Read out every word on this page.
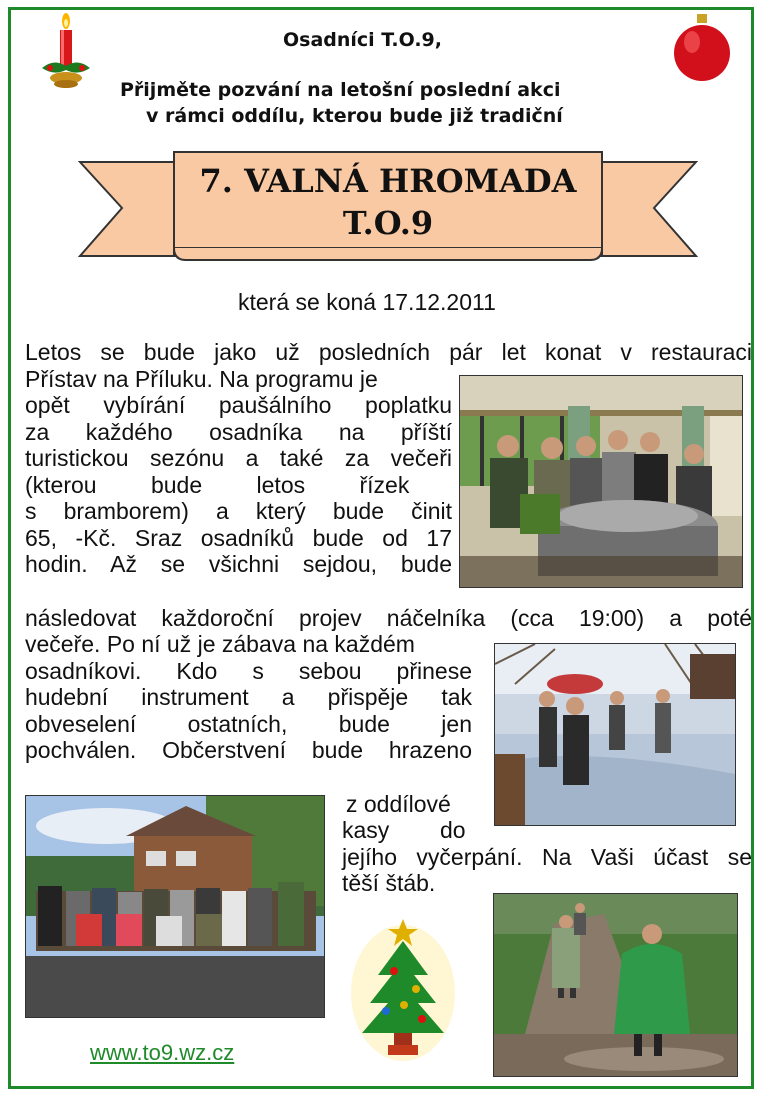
Osadníci T.O.9,
Přijměte pozvání na letošní poslední akci
v rámci oddílu, kterou bude již tradiční
7. VALNÁ HROMADA
T.O.9
která se koná 17.12.2011
Letos se bude jako už posledních pár let konat v restauraci
Přístav na Příluku. Na programu je
opět vybírání paušálního poplatku
za každého osadníka na příští
turistickou sezónu a také za večeři
(kterou bude letos řízek
s bramborem) a který bude činit
65, -Kč. Sraz osadníků bude od 17
hodin. Až se všichni sejdou, bude
následovat každoroční projev náčelníka (cca 19:00) a poté
večeře. Po ní už je zábava na každém
osadníkovi. Kdo s sebou přinese
hudební instrument a přispěje tak
obveselení ostatních, bude jen
pochválen. Občerstvení bude hrazeno
z oddílové
kasy do
jejího vyčerpání. Na Vaši účast se
těší štáb.
www.to9.wz.cz
